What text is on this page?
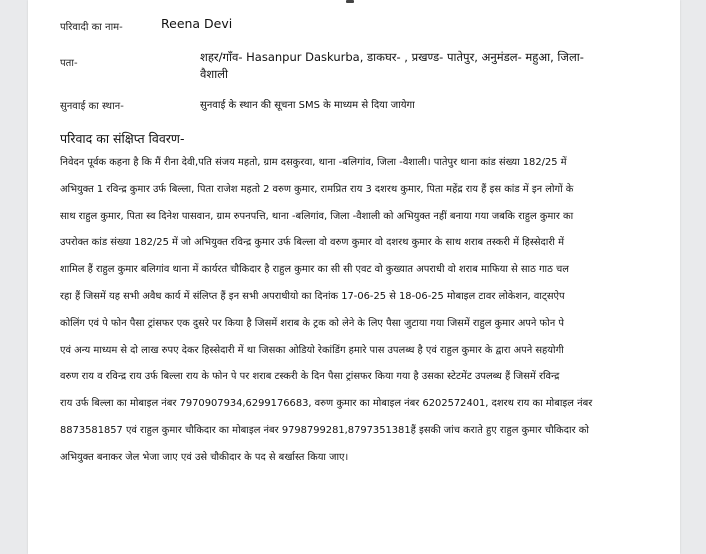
परिवादी का नाम-	Reena Devi
पता-	शहर/गाँव- Hasanpur Daskurba, डाकघर- , प्रखण्ड- पातेपुर, अनुमंडल- महुआ, जिला-
वैशाली
सुनवाई का स्थान-	सुनवाई के स्थान की सूचना SMS के माध्यम से दिया जायेगा
परिवाद का संक्षिप्त विवरण-
निवेदन पूर्वक कहना है कि मैं रीना देवी,पति संजय महतो, ग्राम दसकुरवा, थाना -बलिगांव, जिला -वैशाली। पातेपुर थाना कांड संख्या 182/25 में
अभियुक्त 1 रविन्द्र कुमार उर्फ बिल्ला, पिता राजेश महतो 2 वरुण कुमार, रामप्रित राय 3 दशरथ कुमार, पिता महेंद्र राय हैं इस कांड में इन लोगों के
साथ राहुल कुमार, पिता स्व दिनेश पासवान, ग्राम रुपनपत्ति, थाना -बलिगांव, जिला -वैशाली को अभियुक्त नहीं बनाया गया जबकि राहुल कुमार का
उपरोक्त कांड संख्या 182/25 में जो अभियुक्त रविन्द्र कुमार उर्फ बिल्ला वो वरुण कुमार वो दशरथ कुमार के साथ शराब तस्करी में हिस्सेदारी में
शामिल हैं राहुल कुमार बलिगांव थाना में कार्यरत चौकिदार है राहुल कुमार का सी सी एवट वो कुख्यात अपराधी वो शराब माफिया से साठ गाठ चल
रहा हैं जिसमें यह सभी अवैध कार्य में संलिप्त हैं इन सभी अपराधीयो का दिनांक 17-06-25 से 18-06-25 मोबाइल टावर लोकेशन, वाट्सऐप
कोलिंग एवं पे फोन पैसा ट्रांसफर एक दुसरे पर किया है जिसमें शराब के ट्रक को लेने के लिए पैसा जुटाया गया जिसमें राहुल कुमार अपने फोन पे
एवं अन्य माध्यम से दो लाख रुपए देकर हिस्सेदारी में था जिसका ओडियो रेकांडिंग हमारे पास उपलब्ध है एवं राहुल कुमार के द्वारा अपने सहयोगी
वरुण राय व रविन्द्र राय उर्फ बिल्ला राय के फोन पे पर शराब टस्करी के दिन पैसा ट्रांसफर किया गया है उसका स्टेटमेंट उपलब्ध हैं जिसमें रविन्द्र
राय उर्फ बिल्ला का मोबाइल नंबर 7970907934,6299176683, वरुण कुमार का मोबाइल नंबर 6202572401, दशरथ राय का मोबाइल नंबर
8873581857 एवं राहुल कुमार चौकिदार का मोबाइल नंबर 9798799281,8797351381हैं इसकी जांच कराते हुए राहुल कुमार चौकिदार को
अभियुक्त बनाकर जेल भेजा जाए एवं उसे चौकीदार के पद से बर्खास्त किया जाए।
